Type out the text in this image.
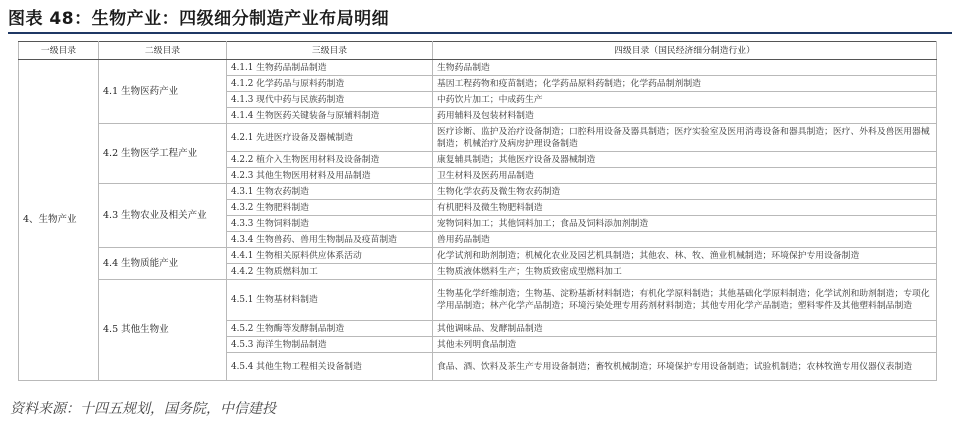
图表 48：生物产业：四级细分制造产业布局明细
一级目录	二级目录	三级目录	四级目录（国民经济细分制造行业）
4、生物产业	4.1 生物医药产业	4.1.1 生物药品制品制造	生物药品制造
		4.1.2 化学药品与原料药制造	基因工程药物和疫苗制造；化学药品原料药制造；化学药品制剂制造
		4.1.3 现代中药与民族药制造	中药饮片加工；中成药生产
		4.1.4 生物医药关键装备与原辅料制造	药用辅料及包装材料制造
	4.2 生物医学工程产业	4.2.1 先进医疗设备及器械制造	医疗诊断、监护及治疗设备制造；口腔科用设备及器具制造；医疗实验室及医用消毒设备和器具制造；医疗、外科及兽医用器械制造；机械治疗及病房护理设备制造
		4.2.2 植介入生物医用材料及设备制造	康复辅具制造；其他医疗设备及器械制造
		4.2.3 其他生物医用材料及用品制造	卫生材料及医药用品制造
	4.3 生物农业及相关产业	4.3.1 生物农药制造	生物化学农药及微生物农药制造
		4.3.2 生物肥料制造	有机肥料及微生物肥料制造
		4.3.3 生物饲料制造	宠物饲料加工；其他饲料加工；食品及饲料添加剂制造
		4.3.4 生物兽药、兽用生物制品及疫苗制造	兽用药品制造
	4.4 生物质能产业	4.4.1 生物相关原料供应体系活动	化学试剂和助剂制造；机械化农业及园艺机具制造；其他农、林、牧、渔业机械制造；环境保护专用设备制造
		4.4.2 生物质燃料加工	生物质液体燃料生产；生物质致密成型燃料加工
	4.5 其他生物业	4.5.1 生物基材料制造	生物基化学纤维制造；生物基、淀粉基新材料制造；有机化学原料制造；其他基础化学原料制造；化学试剂和助剂制造；专项化学用品制造；林产化学产品制造；环境污染处理专用药剂材料制造；其他专用化学产品制造；塑料零件及其他塑料制品制造
		4.5.2 生物酶等发酵制品制造	其他调味品、发酵制品制造
		4.5.3 海洋生物制品制造	其他未列明食品制造
		4.5.4 其他生物工程相关设备制造	食品、酒、饮料及茶生产专用设备制造；畜牧机械制造；环境保护专用设备制造；试验机制造；农林牧渔专用仪器仪表制造
资料来源：十四五规划，国务院，中信建投
